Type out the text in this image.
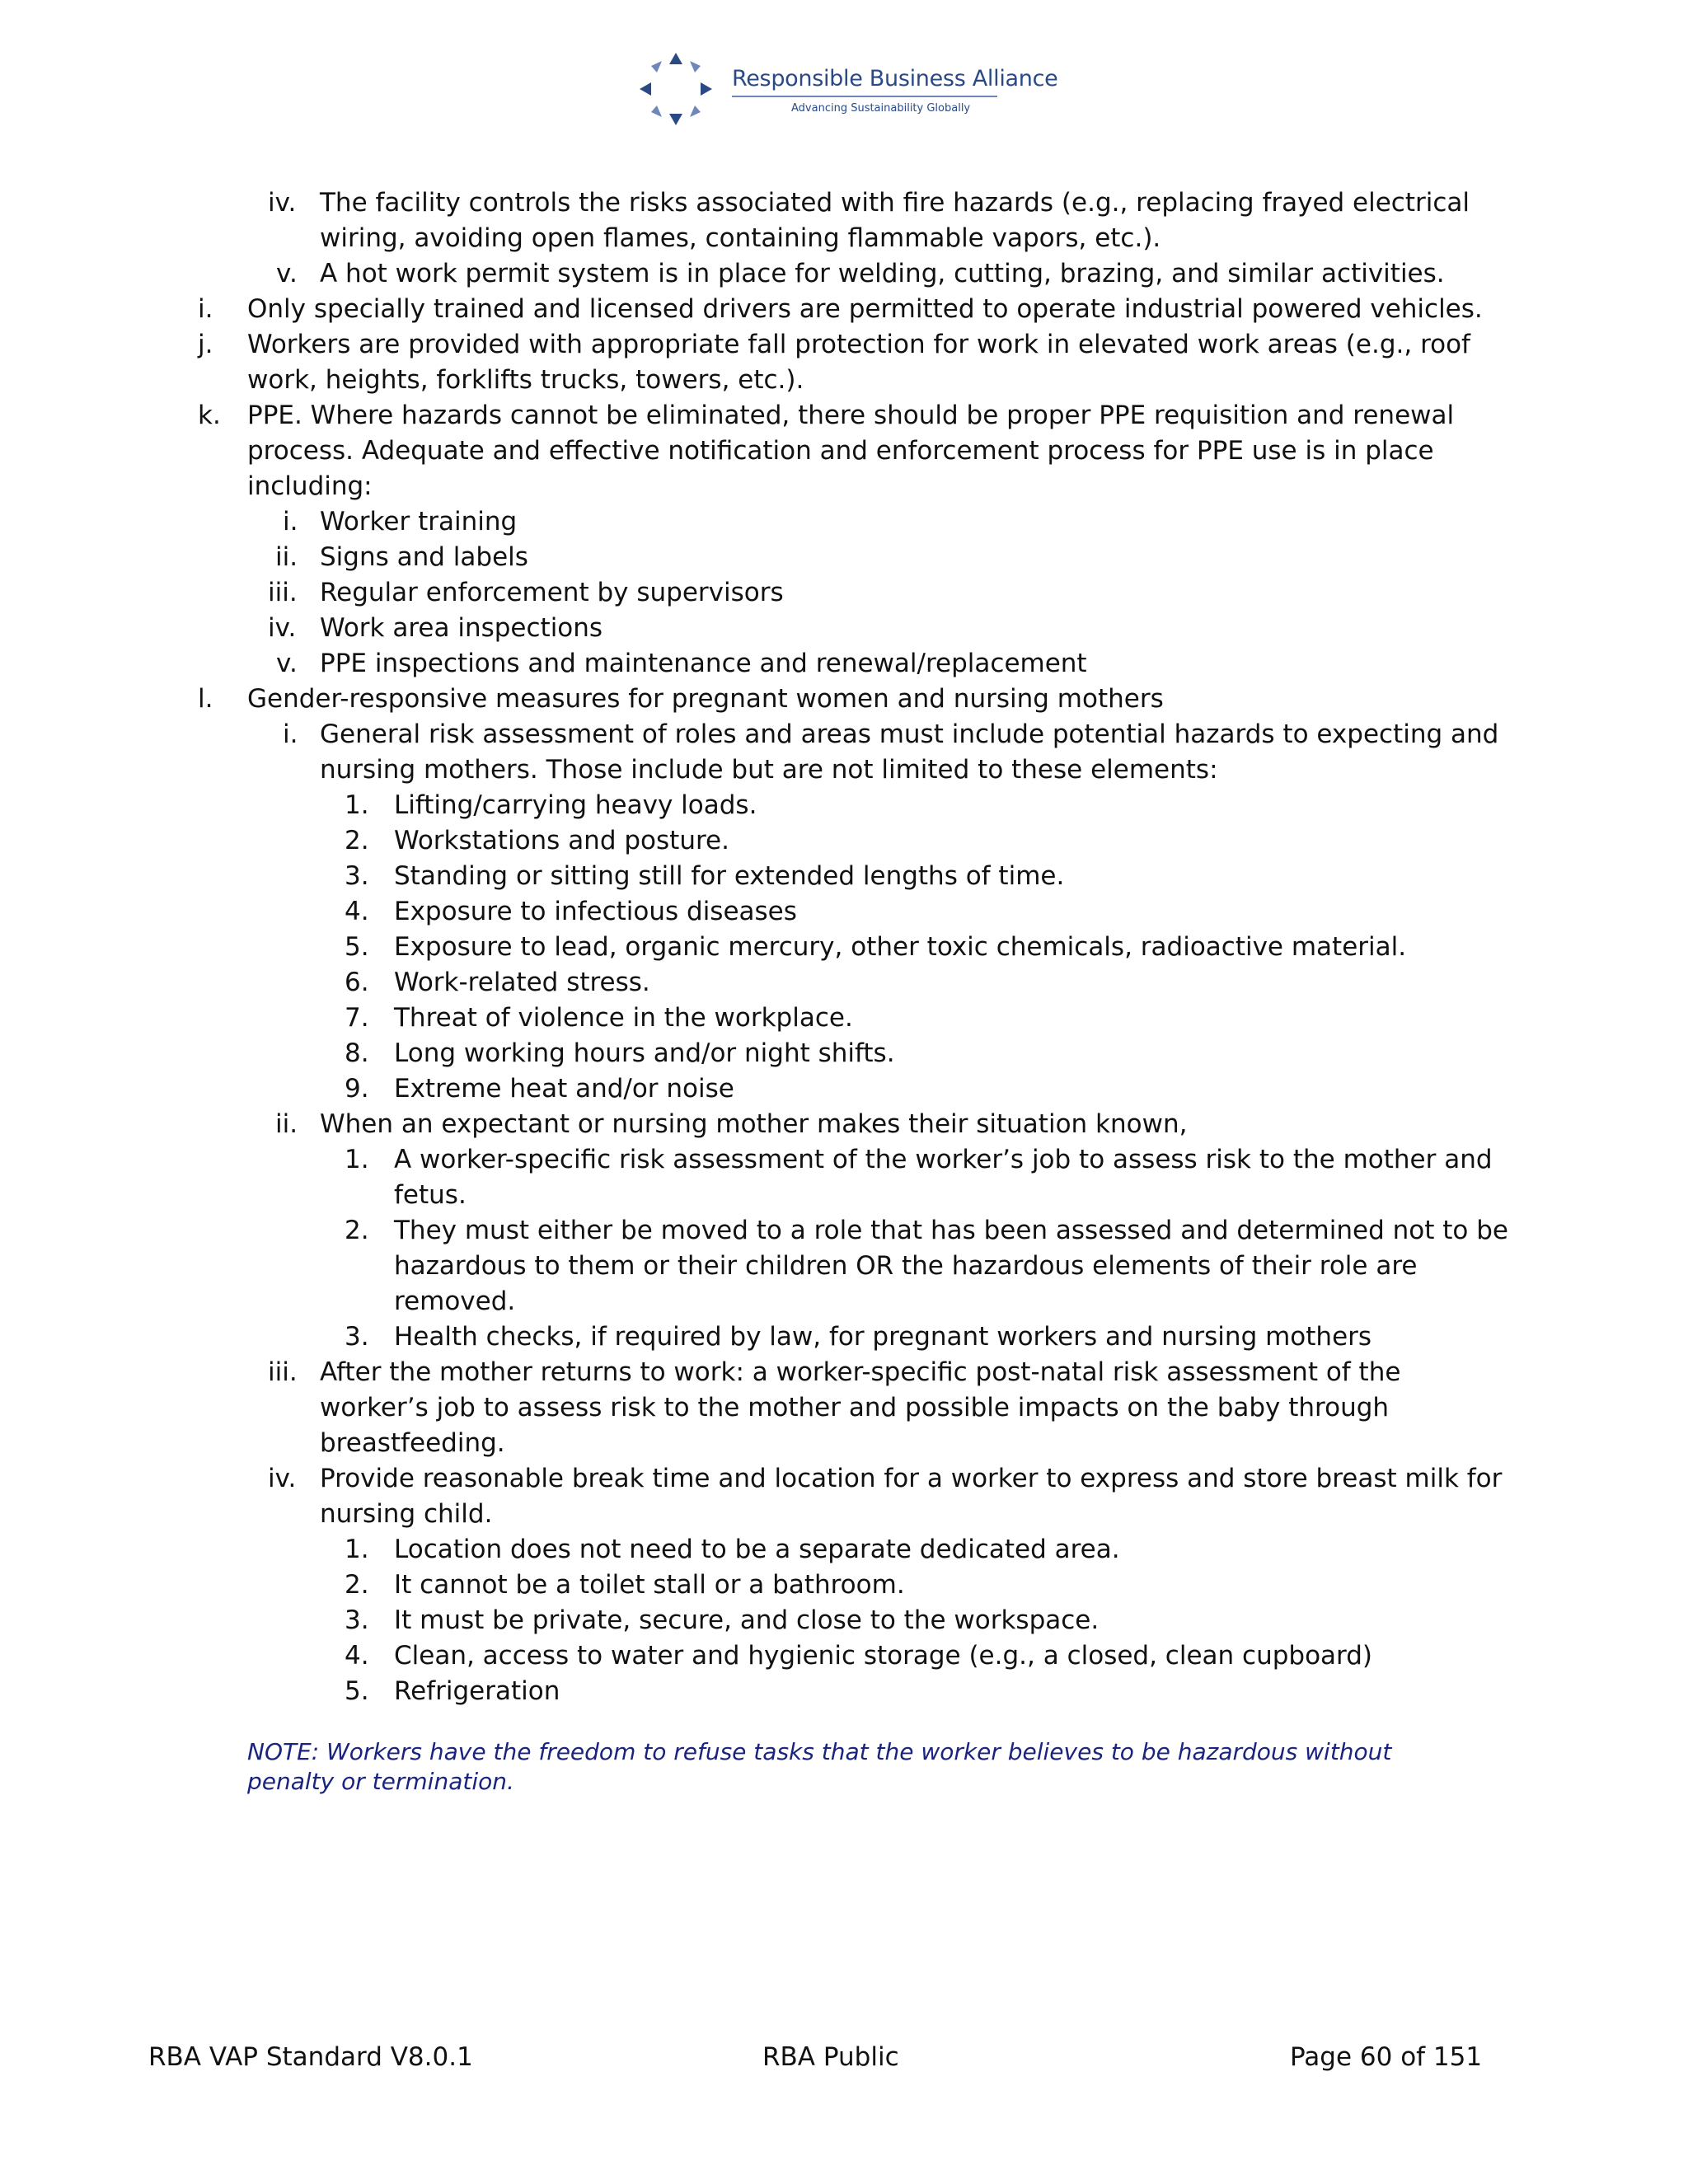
Responsible Business Alliance
Advancing Sustainability Globally
iv. The facility controls the risks associated with fire hazards (e.g., replacing frayed electrical
wiring, avoiding open flames, containing flammable vapors, etc.).
v. A hot work permit system is in place for welding, cutting, brazing, and similar activities.
i. Only specially trained and licensed drivers are permitted to operate industrial powered vehicles.
j. Workers are provided with appropriate fall protection for work in elevated work areas (e.g., roof
work, heights, forklifts trucks, towers, etc.).
k. PPE. Where hazards cannot be eliminated, there should be proper PPE requisition and renewal
process. Adequate and effective notification and enforcement process for PPE use is in place
including:
i. Worker training
ii. Signs and labels
iii. Regular enforcement by supervisors
iv. Work area inspections
v. PPE inspections and maintenance and renewal/replacement
l. Gender-responsive measures for pregnant women and nursing mothers
i. General risk assessment of roles and areas must include potential hazards to expecting and
nursing mothers. Those include but are not limited to these elements:
1. Lifting/carrying heavy loads.
2. Workstations and posture.
3. Standing or sitting still for extended lengths of time.
4. Exposure to infectious diseases
5. Exposure to lead, organic mercury, other toxic chemicals, radioactive material.
6. Work-related stress.
7. Threat of violence in the workplace.
8. Long working hours and/or night shifts.
9. Extreme heat and/or noise
ii. When an expectant or nursing mother makes their situation known,
1. A worker-specific risk assessment of the worker’s job to assess risk to the mother and
fetus.
2. They must either be moved to a role that has been assessed and determined not to be
hazardous to them or their children OR the hazardous elements of their role are
removed.
3. Health checks, if required by law, for pregnant workers and nursing mothers
iii. After the mother returns to work: a worker-specific post-natal risk assessment of the
worker’s job to assess risk to the mother and possible impacts on the baby through
breastfeeding.
iv. Provide reasonable break time and location for a worker to express and store breast milk for
nursing child.
1. Location does not need to be a separate dedicated area.
2. It cannot be a toilet stall or a bathroom.
3. It must be private, secure, and close to the workspace.
4. Clean, access to water and hygienic storage (e.g., a closed, clean cupboard)
5. Refrigeration
NOTE: Workers have the freedom to refuse tasks that the worker believes to be hazardous without penalty or termination.
RBA VAP Standard V8.0.1	RBA Public	Page 60 of 151
